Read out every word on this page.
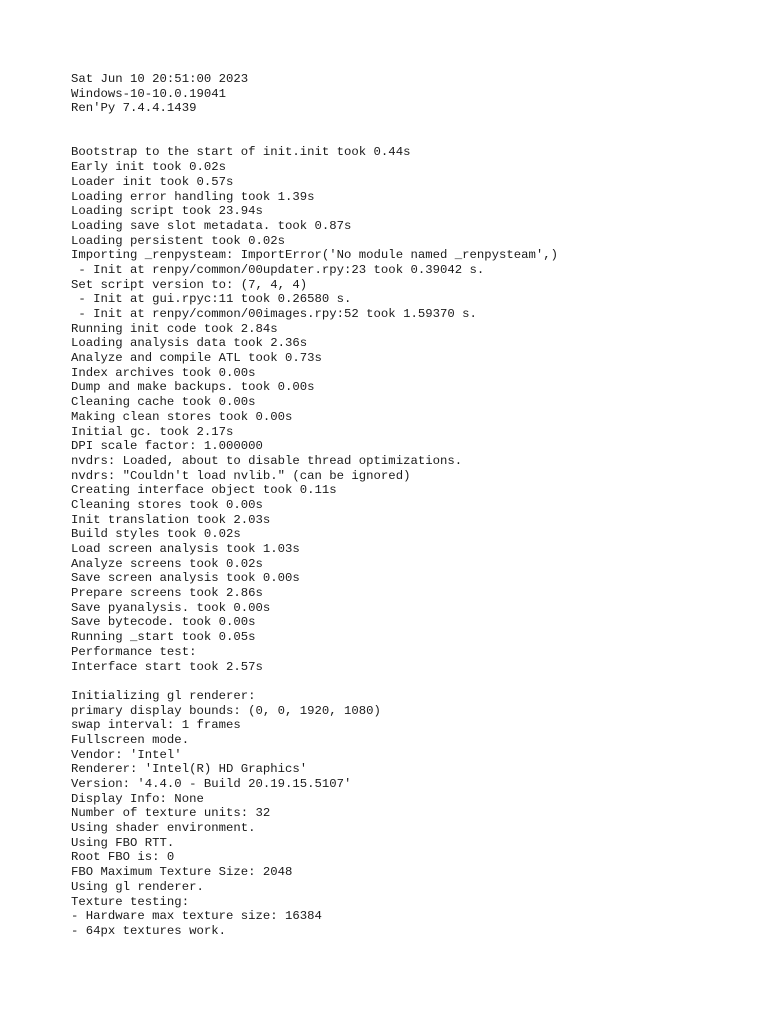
Sat Jun 10 20:51:00 2023
Windows-10-10.0.19041
Ren'Py 7.4.4.1439
Bootstrap to the start of init.init took 0.44s
Early init took 0.02s
Loader init took 0.57s
Loading error handling took 1.39s
Loading script took 23.94s
Loading save slot metadata. took 0.87s
Loading persistent took 0.02s
Importing _renpysteam: ImportError('No module named _renpysteam',)
- Init at renpy/common/00updater.rpy:23 took 0.39042 s.
Set script version to: (7, 4, 4)
- Init at gui.rpyc:11 took 0.26580 s.
- Init at renpy/common/00images.rpy:52 took 1.59370 s.
Running init code took 2.84s
Loading analysis data took 2.36s
Analyze and compile ATL took 0.73s
Index archives took 0.00s
Dump and make backups. took 0.00s
Cleaning cache took 0.00s
Making clean stores took 0.00s
Initial gc. took 2.17s
DPI scale factor: 1.000000
nvdrs: Loaded, about to disable thread optimizations.
nvdrs: "Couldn't load nvlib." (can be ignored)
Creating interface object took 0.11s
Cleaning stores took 0.00s
Init translation took 2.03s
Build styles took 0.02s
Load screen analysis took 1.03s
Analyze screens took 0.02s
Save screen analysis took 0.00s
Prepare screens took 2.86s
Save pyanalysis. took 0.00s
Save bytecode. took 0.00s
Running _start took 0.05s
Performance test:
Interface start took 2.57s
Initializing gl renderer:
primary display bounds: (0, 0, 1920, 1080)
swap interval: 1 frames
Fullscreen mode.
Vendor: 'Intel'
Renderer: 'Intel(R) HD Graphics'
Version: '4.4.0 - Build 20.19.15.5107'
Display Info: None
Number of texture units: 32
Using shader environment.
Using FBO RTT.
Root FBO is: 0
FBO Maximum Texture Size: 2048
Using gl renderer.
Texture testing:
- Hardware max texture size: 16384
- 64px textures work.
